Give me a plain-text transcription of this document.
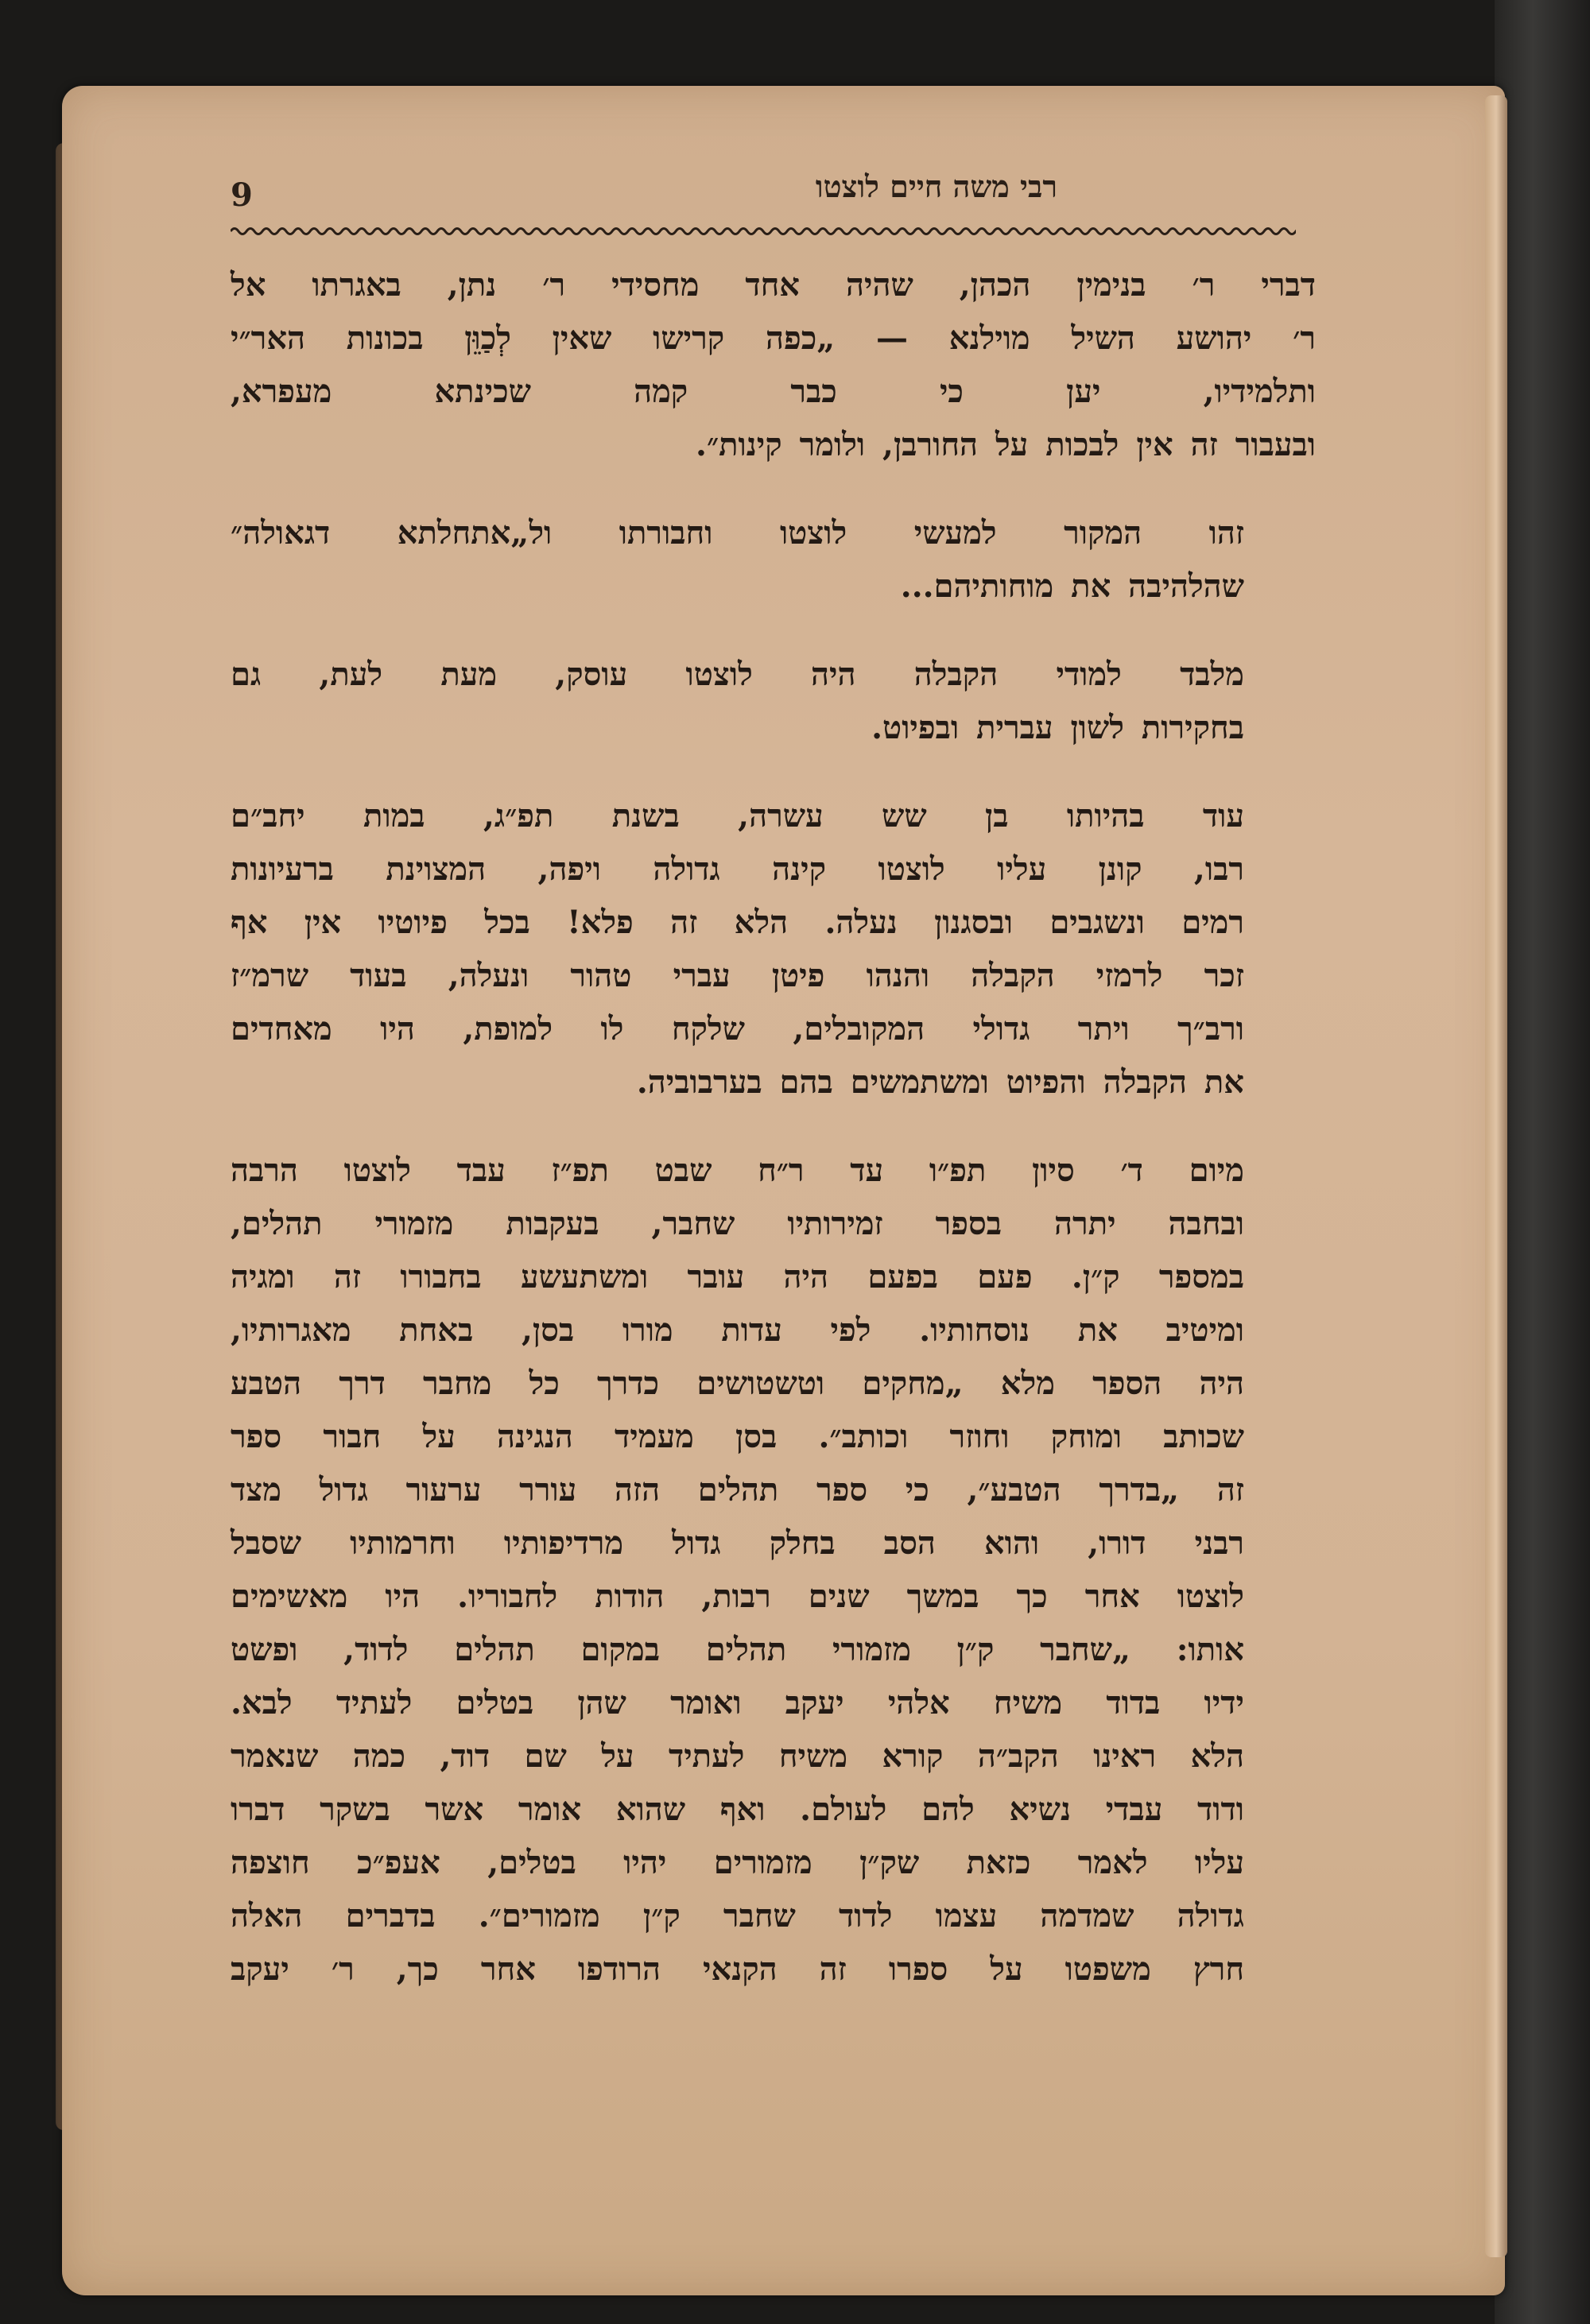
רבי משה חיים לוצטו
9

דברי ר׳ בנימין הכהן, שהיה אחד מחסידי ר׳ נתן, באגרתו אל
ר׳ יהושע השיל מוילנא — „כפה קרישו שאין לְכַוֵּן בכונות האר״י
ותלמידיו, יען כי כבר קמה שכינתא מעפרא,
ובעבור זה אין לבכות על החורבן, ולומר קינות״.

זהו המקור למעשי לוצטו וחבורתו ול„אתחלתא דגאולה״
שהלהיבה את מוחותיהם...

מלבד למודי הקבלה היה לוצטו עוסק, מעת לעת, גם
בחקירות לשון עברית ובפיוט.

עוד בהיותו בן שש עשרה, בשנת תפ״ג, במות יחב״ם
רבו, קונן עליו לוצטו קינה גדולה ויפה, המצוינת ברעיונות
רמים ונשגבים ובסגנון נעלה. הלא זה פלא! בכל פיוטיו אין אף
זכר לרמזי הקבלה והנהו פיטן עברי טהור ונעלה, בעוד שרמ״ז
ורב״ך ויתר גדולי המקובלים, שלקח לו למופת, היו מאחדים
את הקבלה והפיוט ומשתמשים בהם בערבוביה.

מיום ד׳ סיון תפ״ו עד ר״ח שבט תפ״ז עבד לוצטו הרבה
ובחבה יתרה בספר זמירותיו שחבר, בעקבות מזמורי תהלים,
במספר ק״ן. פעם בפעם היה עובר ומשתעשע בחבורו זה ומגיה
ומיטיב את נוסחותיו. לפי עדות מורו בסן, באחת מאגרותיו,
היה הספר מלא „מחקים וטשטושים כדרך כל מחבר דרך הטבע
שכותב ומוחק וחוזר וכותב״. בסן מעמיד הנגינה על חבור ספר
זה „בדרך הטבע״, כי ספר תהלים הזה עורר ערעור גדול מצד
רבני דורו, והוא הסב בחלק גדול מרדיפותיו וחרמותיו שסבל
לוצטו אחר כך במשך שנים רבות, הודות לחבוריו. היו מאשימים
אותו: „שחבר ק״ן מזמורי תהלים במקום תהלים לדוד, ופשט
ידיו בדוד משיח אלהי יעקב ואומר שהן בטלים לעתיד לבא.
הלא ראינו הקב״ה קורא משיח לעתיד על שם דוד, כמה שנאמר
ודוד עבדי נשיא להם לעולם. ואף שהוא אומר אשר בשקר דברו
עליו לאמר כזאת שק״ן מזמורים יהיו בטלים, אעפ״כ חוצפה
גדולה שמדמה עצמו לדוד שחבר ק״ן מזמורים״. בדברים האלה
חרץ משפטו על ספרו זה הקנאי הרודפו אחר כך, ר׳ יעקב
